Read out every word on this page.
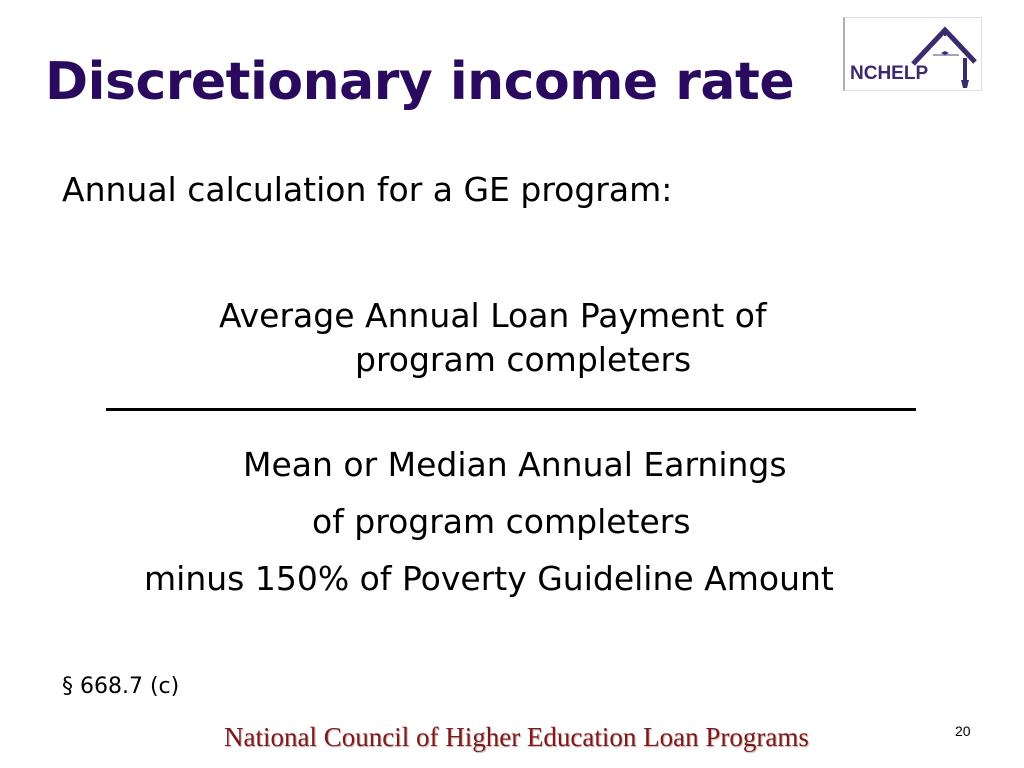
Discretionary income rate	NCHELP
Annual calculation for a GE program:
Average Annual Loan Payment of
program completers
Mean or Median Annual Earnings
of program completers
minus 150% of Poverty Guideline Amount
§ 668.7 (c)
National Council of Higher Education Loan Programs	20
